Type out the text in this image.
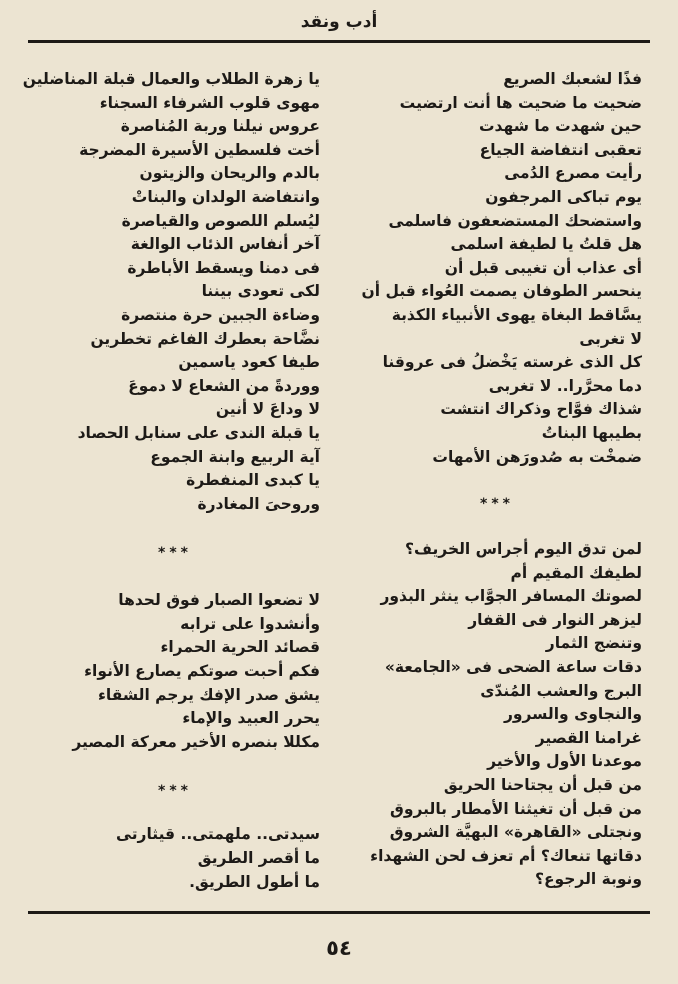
أدب ونقد
فذًا لشعبك الصريع
ضحيت ما ضحيت ها أنت ارتضيت
حين شهدت ما شهدت
تعقبى انتفاضة الجياع
رأيت مصرع الدُمى
يوم تباكى المرجفون
واستضحك المستضعفون فاسلمى
هل قلتُ يا لطيفة اسلمى
أى عذاب أن تغيبى قبل أن
ينحسر الطوفان يصمت العُواء قبل أن
يسَّاقط البغاة يهوى الأنبياء الكذبة
لا تغربى
كل الذى غرسته يَخْضلُ فى عروقنا
دما محرَّرا.. لا تغربى
شذاك فوَّاح وذكراك انتشت
بطيبها البناتُ
ضمخْت به صُدورَهن الأمهات
***
لمن تدق اليوم أجراس الخريف؟
لطيفك المقيم أم
لصوتك المسافر الجوَّاب ينثر البذور
ليزهر النوار فى القفار
وتنضج الثمار
دقات ساعة الضحى فى «الجامعة»
البرج والعشب المُندّى
والنجاوى والسرور
غرامنا القصير
موعدنا الأول والأخير
من قبل أن يجتاحنا الحريق
من قبل أن تغيثنا الأمطار بالبروق
ونجتلى «القاهرة» البهيَّة الشروق
دقاتها تنعاك؟ أم تعزف لحن الشهداء
ونوبة الرجوع؟
يا زهرة الطلاب والعمال قبلة المناضلين
مهوى قلوب الشرفاء السجناء
عروس نيلنا وربة المُناصرة
أخت فلسطين الأسيرة المضرجة
بالدم والريحان والزيتون
وانتفاضة الولدان والبناتْ
ليُسلم اللصوص والقياصرة
آخر أنفاس الذئاب الوالغة
فى دمنا ويسقط الأباطرة
لكى تعودى بيننا
وضاءة الجبين حرة منتصرة
نضَّاحة بعطرك الفاغم تخطرين
طيفا كعود ياسمين
ووردةً من الشعاع لا دموعَ
لا وداعَ لا أنين
يا قبلة الندى على سنابل الحصاد
آية الربيع وابنة الجموع
يا كبدى المنفطرة
وروحىَ المغادرة
***
لا تضعوا الصبار فوق لحدها
وأنشدوا على ترابه
قصائد الحرية الحمراء
فكم أحبت صوتكم يصارع الأنواء
يشق صدر الإفك يرجم الشقاء
يحرر العبيد والإماء
مكللا بنصره الأخير معركة المصير
***
سيدتى.. ملهمتى.. قيثارتى
ما أقصر الطريق
ما أطول الطريق.
٥٤
